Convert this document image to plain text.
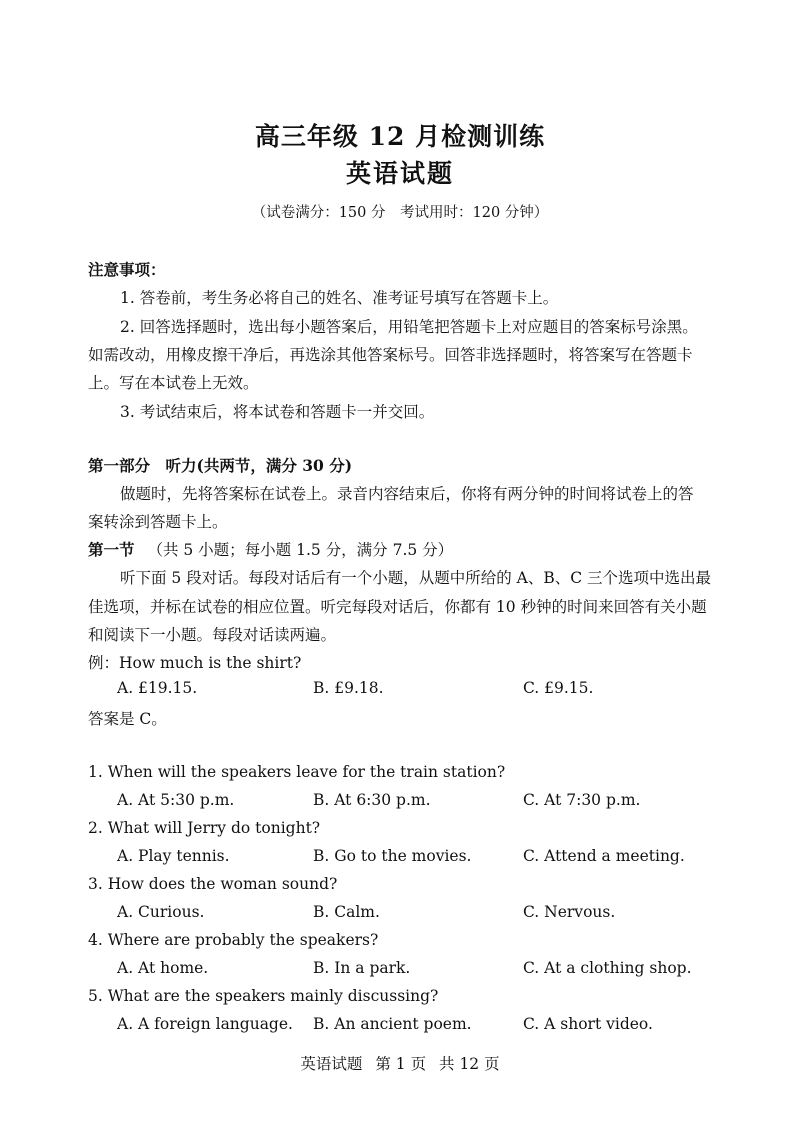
高三年级 12 月检测训练
英语试题
（试卷满分：150 分　考试用时：120 分钟）
注意事项：
1. 答卷前，考生务必将自己的姓名、准考证号填写在答题卡上。
2. 回答选择题时，选出每小题答案后，用铅笔把答题卡上对应题目的答案标号涂黑。
如需改动，用橡皮擦干净后，再选涂其他答案标号。回答非选择题时，将答案写在答题卡
上。写在本试卷上无效。
3. 考试结束后，将本试卷和答题卡一并交回。
第一部分　听力(共两节，满分 30 分)
做题时，先将答案标在试卷上。录音内容结束后，你将有两分钟的时间将试卷上的答
案转涂到答题卡上。
第一节 （共 5 小题；每小题 1.5 分，满分 7.5 分）
听下面 5 段对话。每段对话后有一个小题，从题中所给的 A、B、C 三个选项中选出最
佳选项，并标在试卷的相应位置。听完每段对话后，你都有 10 秒钟的时间来回答有关小题
和阅读下一小题。每段对话读两遍。
例：How much is the shirt?
A. £19.15.	B. £9.18.	C. £9.15.
答案是 C。
1. When will the speakers leave for the train station?
A. At 5:30 p.m.	B. At 6:30 p.m.	C. At 7:30 p.m.
2. What will Jerry do tonight?
A. Play tennis.	B. Go to the movies.	C. Attend a meeting.
3. How does the woman sound?
A. Curious.	B. Calm.	C. Nervous.
4. Where are probably the speakers?
A. At home.	B. In a park.	C. At a clothing shop.
5. What are the speakers mainly discussing?
A. A foreign language. B. An ancient poem.	C. A short video.
英语试题 第 1 页 共 12 页
